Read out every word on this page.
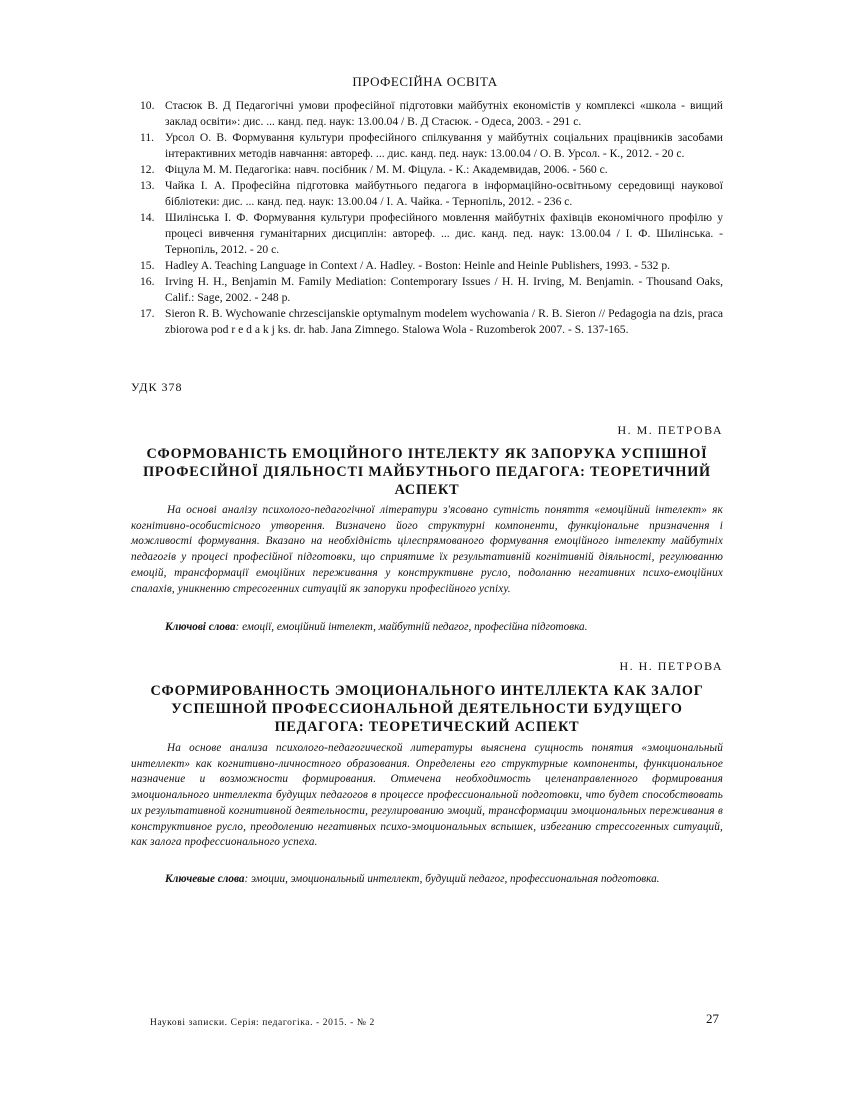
ПРОФЕСІЙНА ОСВІТА
10. Стасюк В. Д Педагогічні умови професійної підготовки майбутніх економістів у комплексі «школа - вищий заклад освіти»: дис. ... канд. пед. наук: 13.00.04 / В. Д Стасюк. - Одеса, 2003. - 291 с.
11. Урсол О. В. Формування культури професійного спілкування у майбутніх соціальних працівників засобами інтерактивних методів навчання: автореф. ... дис. канд. пед. наук: 13.00.04 / О. В. Урсол. - К., 2012. - 20 с.
12. Фіцула М. М. Педагогіка: навч. посібник / М. М. Фіцула. - К.: Академвидав, 2006. - 560 с.
13. Чайка І. А. Професійна підготовка майбутнього педагога в інформаційно-освітньому середовищі наукової бібліотеки: дис. ... канд. пед. наук: 13.00.04 / І. А. Чайка. - Тернопіль, 2012. - 236 с.
14. Шилінська І. Ф. Формування культури професійного мовлення майбутніх фахівців економічного профілю у процесі вивчення гуманітарних дисциплін: автореф. ... дис. канд. пед. наук: 13.00.04 / І. Ф. Шилінська. - Тернопіль, 2012. - 20 с.
15. Hadley A. Teaching Language in Context / A. Hadley. - Boston: Heinle and Heinle Publishers, 1993. - 532 p.
16. Irving H. H., Benjamin M. Family Mediation: Contemporary Issues / H. H. Irving, M. Benjamin. - Thousand Oaks, Calif.: Sage, 2002. - 248 p.
17. Sieron R. B. Wychowanie chrzescijanskie optymalnym modelem wychowania / R. B. Sieron // Pedagogia na dzis, praca zbiorowa pod r e d a k j ks. dr. hab. Jana Zimnego. Stalowa Wola - Ruzomberok 2007. - S. 137-165.
УДК 378
Н. М. ПЕТРОВА
СФОРМОВАНІСТЬ ЕМОЦІЙНОГО ІНТЕЛЕКТУ ЯК ЗАПОРУКА УСПІШНОЇ ПРОФЕСІЙНОЇ ДІЯЛЬНОСТІ МАЙБУТНЬОГО ПЕДАГОГА: ТЕОРЕТИЧНИЙ АСПЕКТ

На основі аналізу психолого-педагогічної літератури з'ясовано сутність поняття «емоційний інтелект» як когнітивно-особистісного утворення. Визначено його структурні компоненти, функціональне призначення і можливості формування. Вказано на необхідність цілеспрямованого формування емоційного інтелекту майбутніх педагогів у процесі професійної підготовки, що сприятиме їх результативній когнітивній діяльності, регулюванню емоцій, трансформації емоційних переживання у конструктивне русло, подоланню негативних психо-емоційних спалахів, уникненню стресогенних ситуацій як запоруки професійного успіху.

Ключові слова: емоції, емоційний інтелект, майбутній педагог, професійна підготовка.

Н. Н. ПЕТРОВА
СФОРМИРОВАННОСТЬ ЭМОЦИОНАЛЬНОГО ИНТЕЛЛЕКТА КАК ЗАЛОГ УСПЕШНОЙ ПРОФЕССИОНАЛЬНОЙ ДЕЯТЕЛЬНОСТИ БУДУЩЕГО ПЕДАГОГА: ТЕОРЕТИЧЕСКИЙ АСПЕКТ

На основе анализа психолого-педагогической литературы выяснена сущность понятия «эмоциональный интеллект» как когнитивно-личностного образования. Определены его структурные компоненты, функциональное назначение и возможности формирования. Отмечена необходимость целенаправленного формирования эмоционального интеллекта будущих педагогов в процессе профессиональной подготовки, что будет способствовать их результативной когнитивной деятельности, регулированию эмоций, трансформации эмоциональных переживания в конструктивное русло, преодолению негативных психо-эмоциональных вспышек, избеганию стрессогенных ситуаций, как залога профессионального успеха.

Ключевые слова: эмоции, эмоциональный интеллект, будущий педагог, профессиональная подготовка.

Наукові записки. Серія: педагогіка. - 2015. - № 2	27
